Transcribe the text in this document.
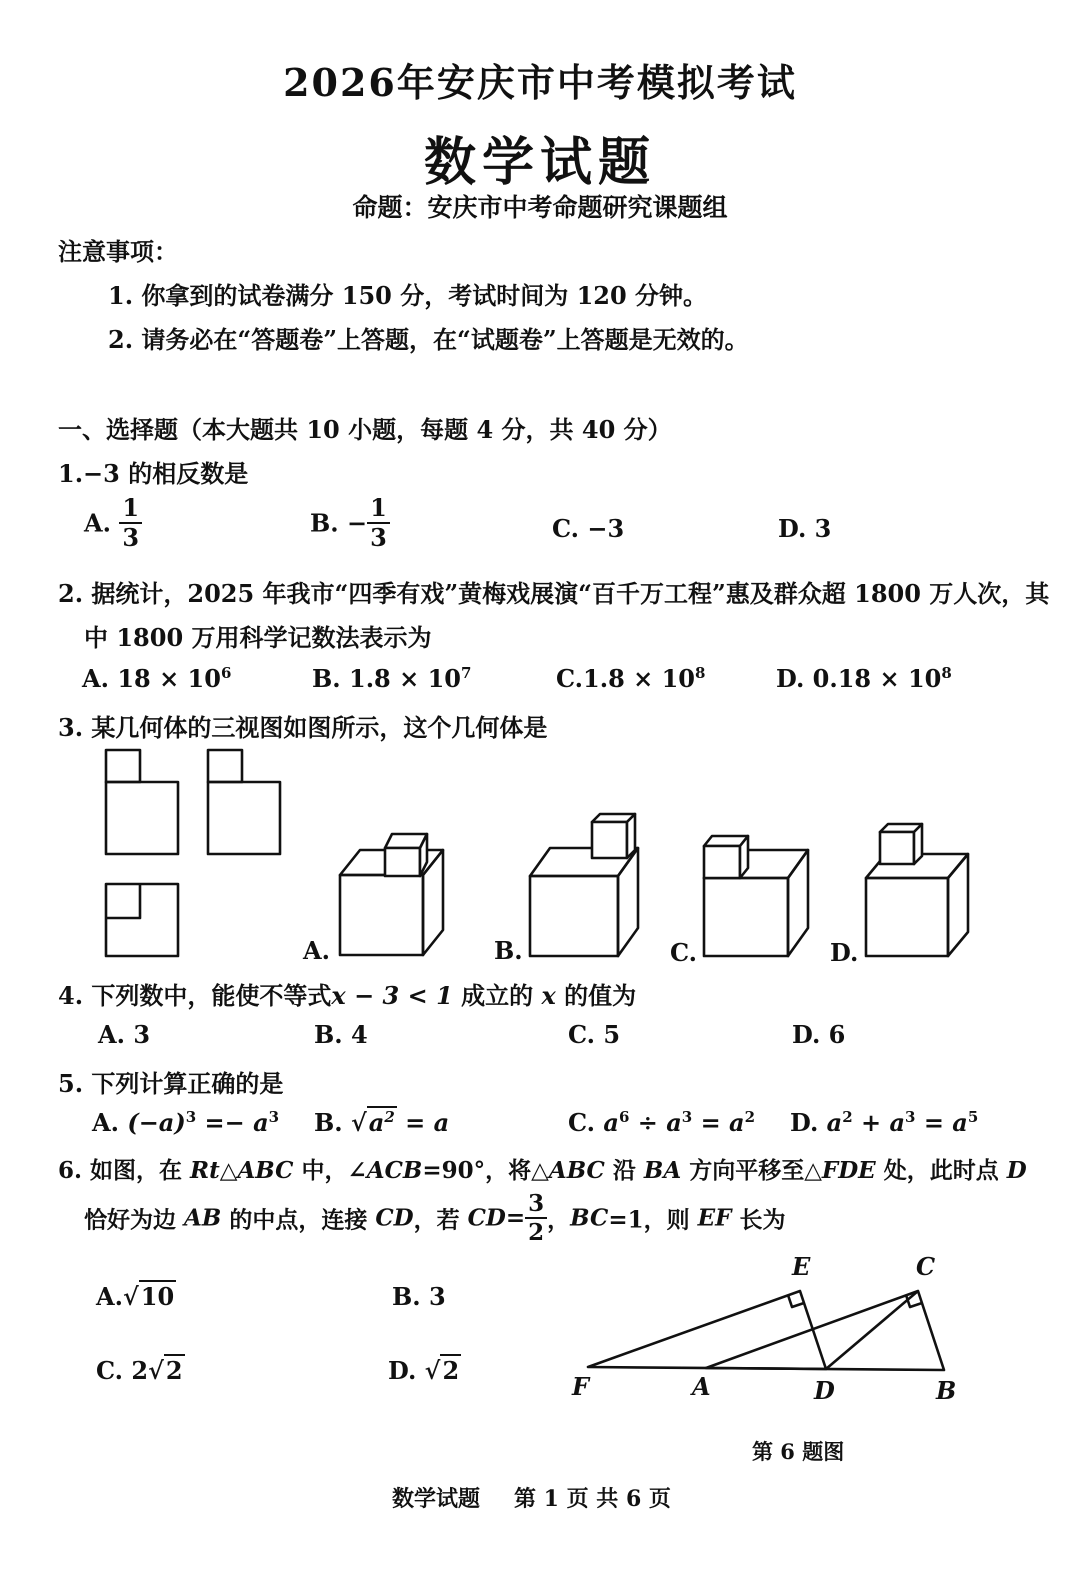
2026年安庆市中考模拟考试
数学试题
命题：安庆市中考命题研究课题组
注意事项：
1. 你拿到的试卷满分 150 分，考试时间为 120 分钟。
2. 请务必在“答题卷”上答题，在“试题卷”上答题是无效的。
一、选择题（本大题共 10 小题，每题 4 分，共 40 分）
1.−3 的相反数是
A. $\frac{1}{3}$	B. − $\frac{1}{3}$	C. −3	D. 3
2. 据统计，2025 年我市“四季有戏”黄梅戏展演“百千万工程”惠及群众超 1800 万人次，其
中 1800 万用科学记数法表示为
A. $18 \times 10^6$	B. $1.8 \times 10^7$	$C.1.8 \times 10^8$	D. $0.18 \times 10^8$
3. 某几何体的三视图如图所示，这个几何体是
A.	B.	C.	D.
4. 下列数中，能使不等式x − 3 < 1 成立的 x 的值为
A. 3	B. 4	C. 5	D. 6
5. 下列计算正确的是
A. $(-a)^3 =- a^3$ B. $√a^2 = a$	C. $a^6 \div a^3 = a^2$ D. $a^2 + a^3 = a^5$
6. 如图，在 Rt△ABC 中，∠ACB=90°，将△ABC 沿 BA 方向平移至△FDE 处，此时点 D
恰好为边 AB 的中点，连接 CD，若 $CD= \frac{3}{2}$ ，BC=1，则 EF 长为
A.√10	B. 3
C. 2√2	D. √2
E	C
F	A	D	B
第 6 题图
数学试题 第 1 页 共 6 页
